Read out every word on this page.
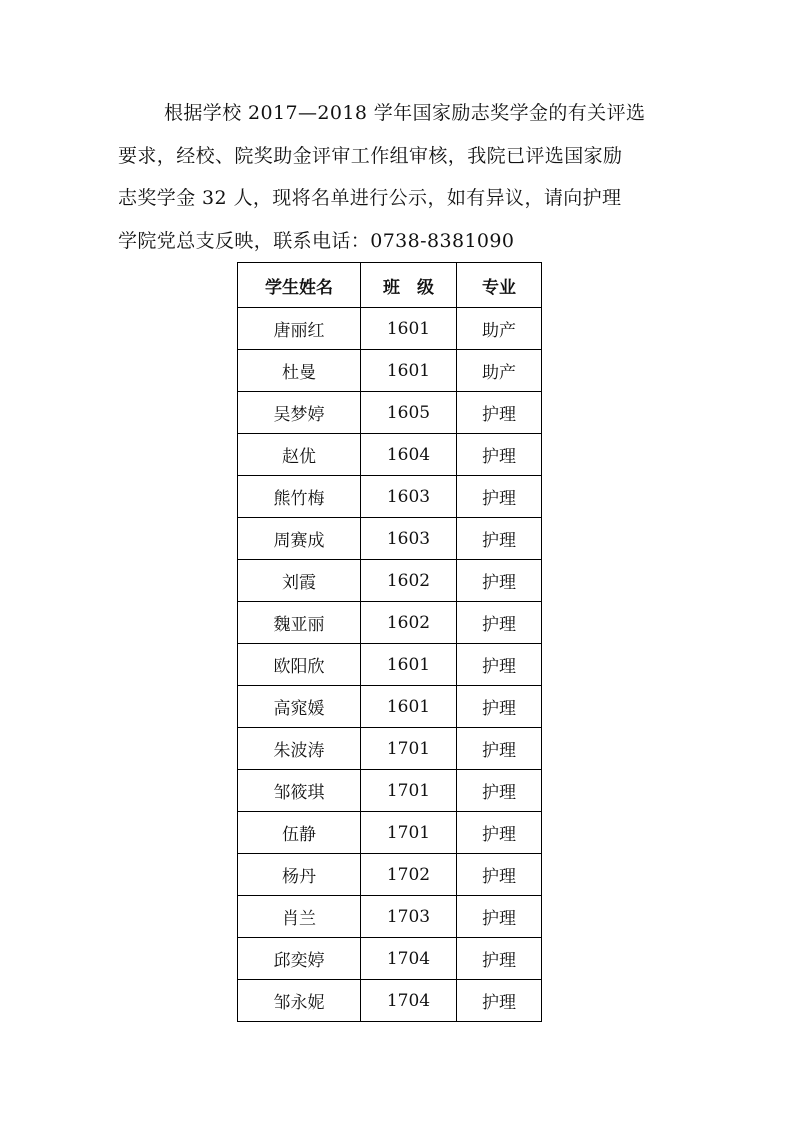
根据学校 2017—2018 学年国家励志奖学金的有关评选
要求，经校、院奖助金评审工作组审核，我院已评选国家励
志奖学金 32 人，现将名单进行公示，如有异议，请向护理
学院党总支反映，联系电话：0738-8381090
学生姓名	班　级	专业
唐丽红	1601	助产
杜曼	1601	助产
吴梦婷	1605	护理
赵优	1604	护理
熊竹梅	1603	护理
周赛成	1603	护理
刘霞	1602	护理
魏亚丽	1602	护理
欧阳欣	1601	护理
高窕媛	1601	护理
朱波涛	1701	护理
邹筱琪	1701	护理
伍静	1701	护理
杨丹	1702	护理
肖兰	1703	护理
邱奕婷	1704	护理
邹永妮	1704	护理
